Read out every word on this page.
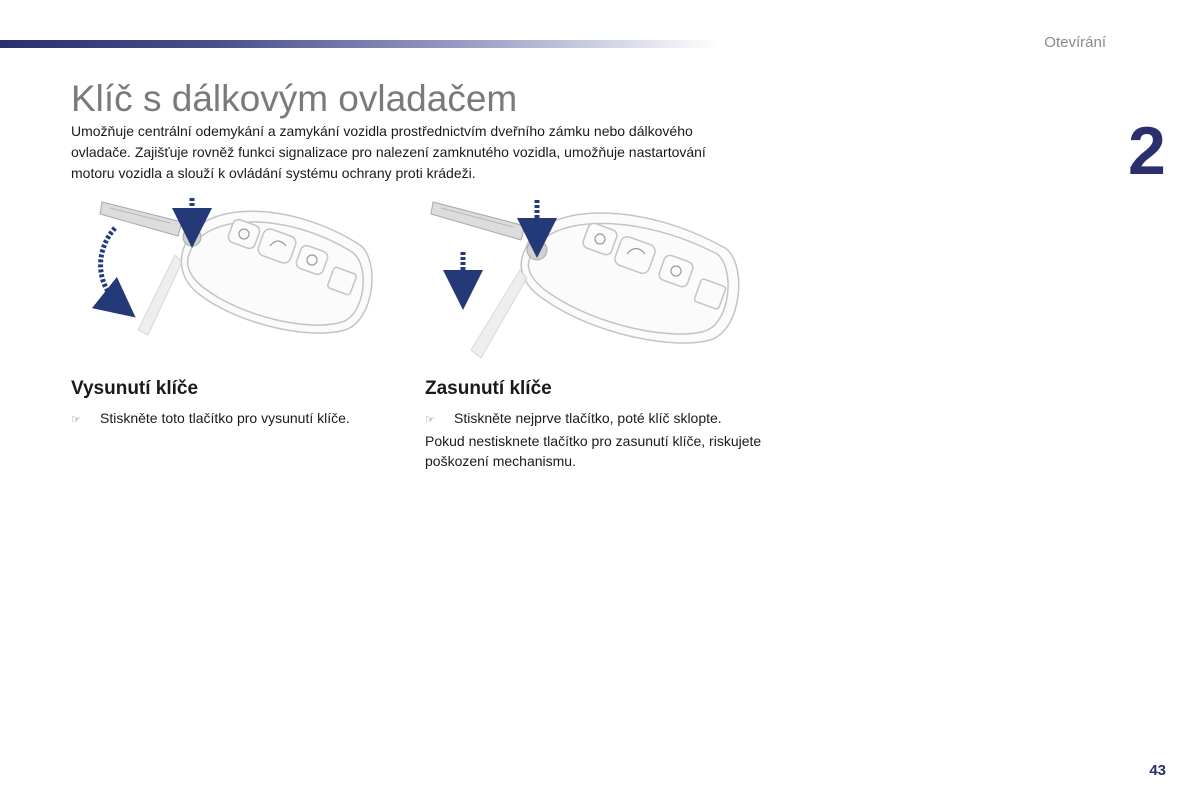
Otevírání
2
Klíč s dálkovým ovladačem

Umožňuje centrální odemykání a zamykání vozidla prostřednictvím dveřního zámku nebo dálkového ovladače. Zajišťuje rovněž funkci signalizace pro nalezení zamknutého vozidla, umožňuje nastartování motoru vozidla a slouží k ovládání systému ochrany proti krádeži.

Vysunutí klíče
☞ Stiskněte toto tlačítko pro vysunutí klíče.
Zasunutí klíče
☞ Stiskněte nejprve tlačítko, poté klíč sklopte. Pokud nestisknete tlačítko pro zasunutí klíče, riskujete poškození mechanismu.
43
